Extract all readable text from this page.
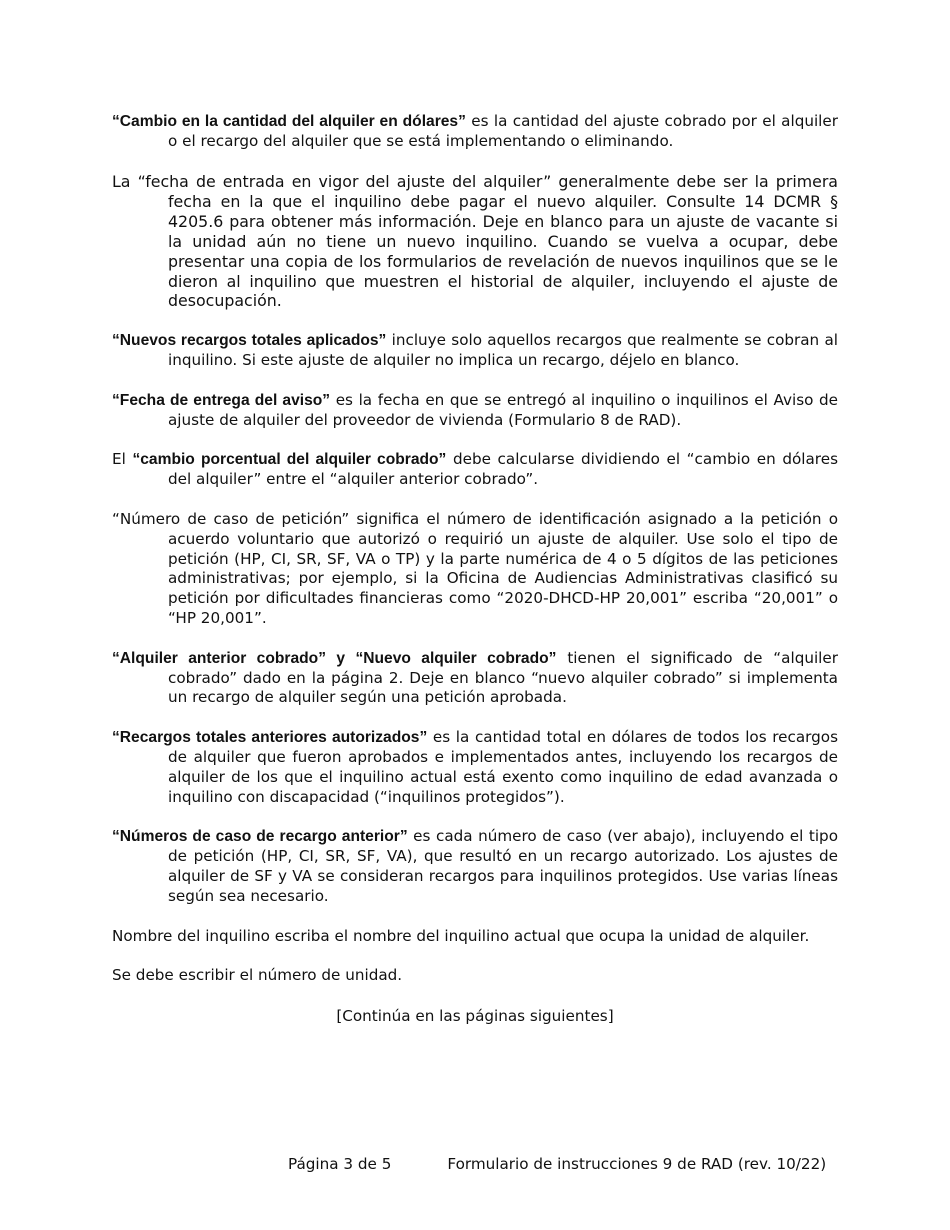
“Cambio en la cantidad del alquiler en dólares” es la cantidad del ajuste cobrado por el alquiler o el recargo del alquiler que se está implementando o eliminando.

La “fecha de entrada en vigor del ajuste del alquiler” generalmente debe ser la primera fecha en la que el inquilino debe pagar el nuevo alquiler. Consulte 14 DCMR § 4205.6 para obtener más información. Deje en blanco para un ajuste de vacante si la unidad aún no tiene un nuevo inquilino. Cuando se vuelva a ocupar, debe presentar una copia de los formularios de revelación de nuevos inquilinos que se le dieron al inquilino que muestren el historial de alquiler, incluyendo el ajuste de desocupación.

“Nuevos recargos totales aplicados” incluye solo aquellos recargos que realmente se cobran al inquilino. Si este ajuste de alquiler no implica un recargo, déjelo en blanco.

“Fecha de entrega del aviso” es la fecha en que se entregó al inquilino o inquilinos el Aviso de ajuste de alquiler del proveedor de vivienda (Formulario 8 de RAD).

El “cambio porcentual del alquiler cobrado” debe calcularse dividiendo el “cambio en dólares del alquiler” entre el “alquiler anterior cobrado”.

“Número de caso de petición” significa el número de identificación asignado a la petición o acuerdo voluntario que autorizó o requirió un ajuste de alquiler. Use solo el tipo de petición (HP, CI, SR, SF, VA o TP) y la parte numérica de 4 o 5 dígitos de las peticiones administrativas; por ejemplo, si la Oficina de Audiencias Administrativas clasificó su petición por dificultades financieras como “2020-DHCD-HP 20,001” escriba “20,001” o “HP 20,001”.

“Alquiler anterior cobrado” y “Nuevo alquiler cobrado” tienen el significado de “alquiler cobrado” dado en la página 2. Deje en blanco “nuevo alquiler cobrado” si implementa un recargo de alquiler según una petición aprobada.

“Recargos totales anteriores autorizados” es la cantidad total en dólares de todos los recargos de alquiler que fueron aprobados e implementados antes, incluyendo los recargos de alquiler de los que el inquilino actual está exento como inquilino de edad avanzada o inquilino con discapacidad (“inquilinos protegidos”).

“Números de caso de recargo anterior” es cada número de caso (ver abajo), incluyendo el tipo de petición (HP, CI, SR, SF, VA), que resultó en un recargo autorizado. Los ajustes de alquiler de SF y VA se consideran recargos para inquilinos protegidos. Use varias líneas según sea necesario.

Nombre del inquilino escriba el nombre del inquilino actual que ocupa la unidad de alquiler.

Se debe escribir el número de unidad.

[Continúa en las páginas siguientes]

Página 3 de 5	Formulario de instrucciones 9 de RAD (rev. 10/22)
